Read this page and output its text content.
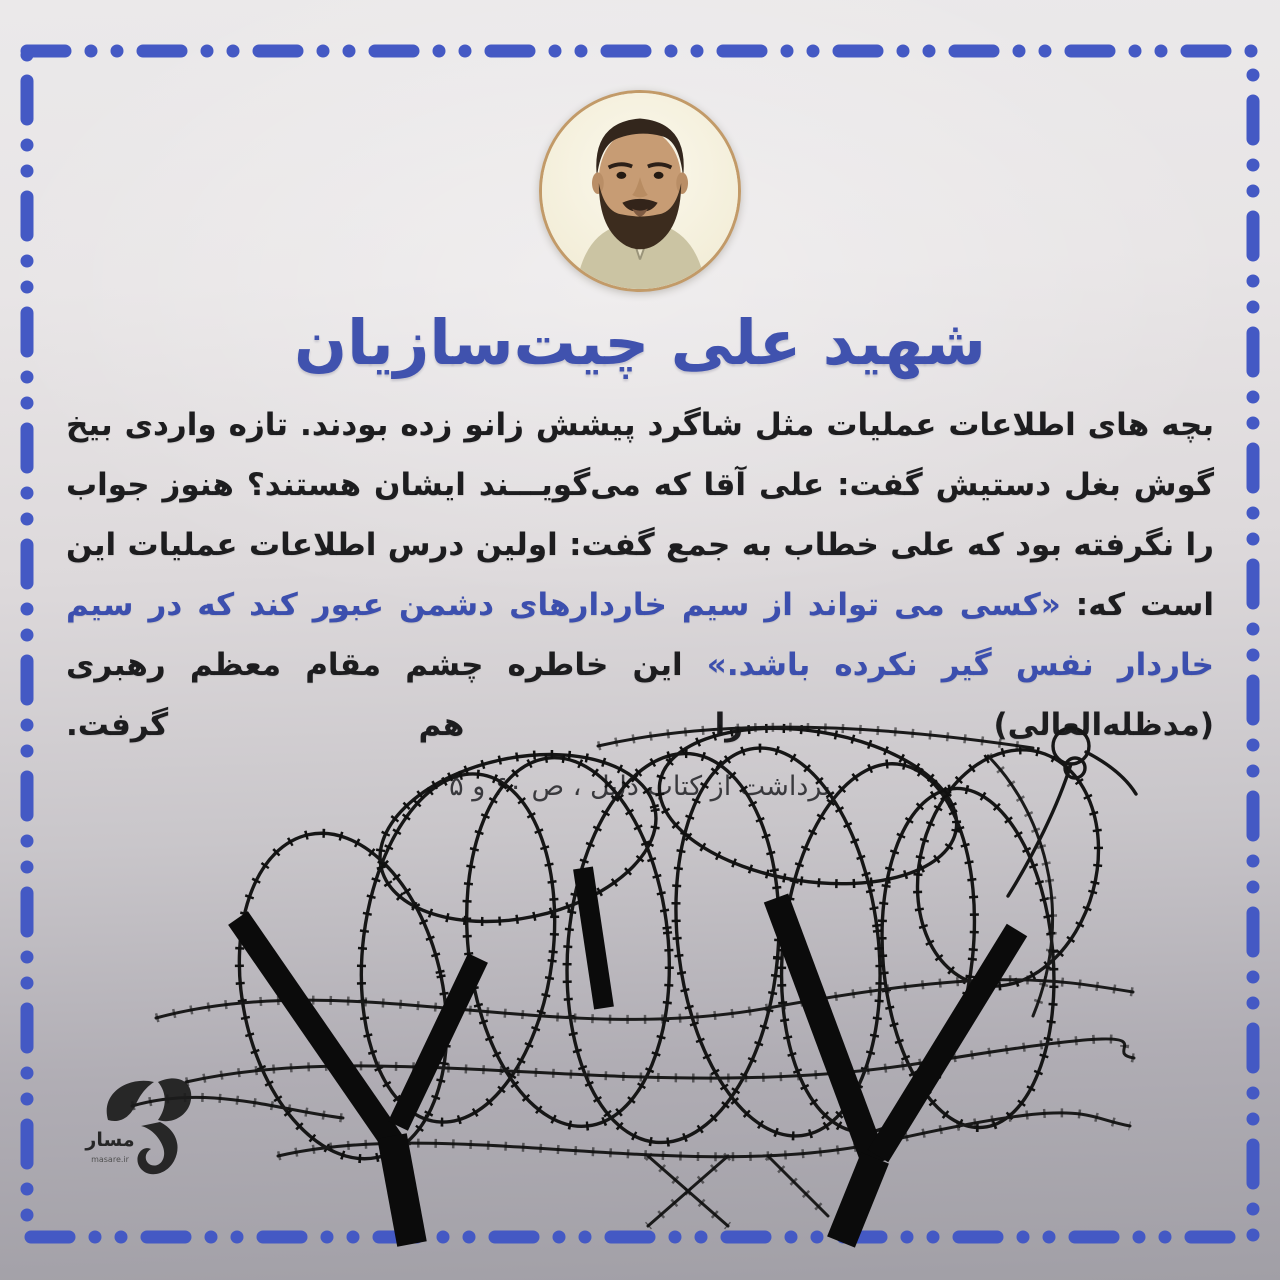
شهید علی چیت‌سازیان

بچه های اطلاعات عملیات مثل شاگرد پیشش زانو زده بودند. تازه واردی بیخ گوش بغل دستیش گفت: علی آقا که می‌گویـــند ایشان هستند؟ هنوز جواب را نگرفته بود که علی خطاب به جمع گفت: اولین درس اطلاعات عملیات این است که: «کسی می تواند از سیم خاردارهای دشمن عبور کند که در سیم خاردار نفس گیر نکرده باشد.» این خاطره چشم مقام معظم رهبری (مدظله‌العالی) را هم گرفت.

برداشت از کتاب دلیل ، ص ۶۰ و ۵
مسار
masare.ir
